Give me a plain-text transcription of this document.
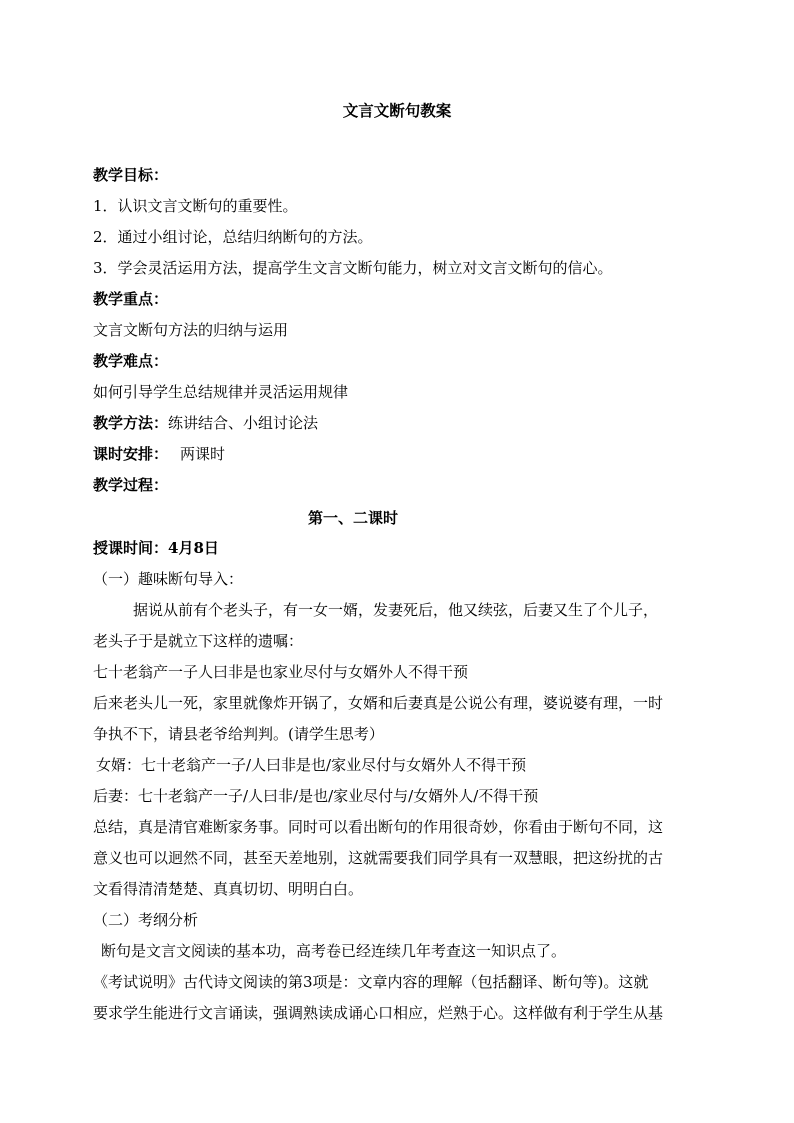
文言文断句教案
教学目标：
1．认识文言文断句的重要性。
2．通过小组讨论，总结归纳断句的方法。
3．学会灵活运用方法，提高学生文言文断句能力，树立对文言文断句的信心。
教学重点：
文言文断句方法的归纳与运用
教学难点：
如何引导学生总结规律并灵活运用规律
教学方法：练讲结合、小组讨论法
课时安排： 两课时
教学过程：
第一、二课时
授课时间：4月8日
（一）趣味断句导入：
据说从前有个老头子，有一女一婿，发妻死后，他又续弦，后妻又生了个儿子，
老头子于是就立下这样的遗嘱：
七十老翁产一子人曰非是也家业尽付与女婿外人不得干预
后来老头儿一死，家里就像炸开锅了，女婿和后妻真是公说公有理，婆说婆有理，一时
争执不下，请县老爷给判判。(请学生思考）
女婿：七十老翁产一子/人曰非是也/家业尽付与女婿外人不得干预
后妻：七十老翁产一子/人曰非/是也/家业尽付与/女婿外人/不得干预
总结，真是清官难断家务事。同时可以看出断句的作用很奇妙，你看由于断句不同，这
意义也可以迥然不同，甚至天差地别，这就需要我们同学具有一双慧眼，把这纷扰的古
文看得清清楚楚、真真切切、明明白白。
（二）考纲分析
断句是文言文阅读的基本功，高考卷已经连续几年考查这一知识点了。
《考试说明》古代诗文阅读的第3项是：文章内容的理解（包括翻译、断句等)。这就
要求学生能进行文言诵读，强调熟读成诵心口相应，烂熟于心。这样做有利于学生从基
